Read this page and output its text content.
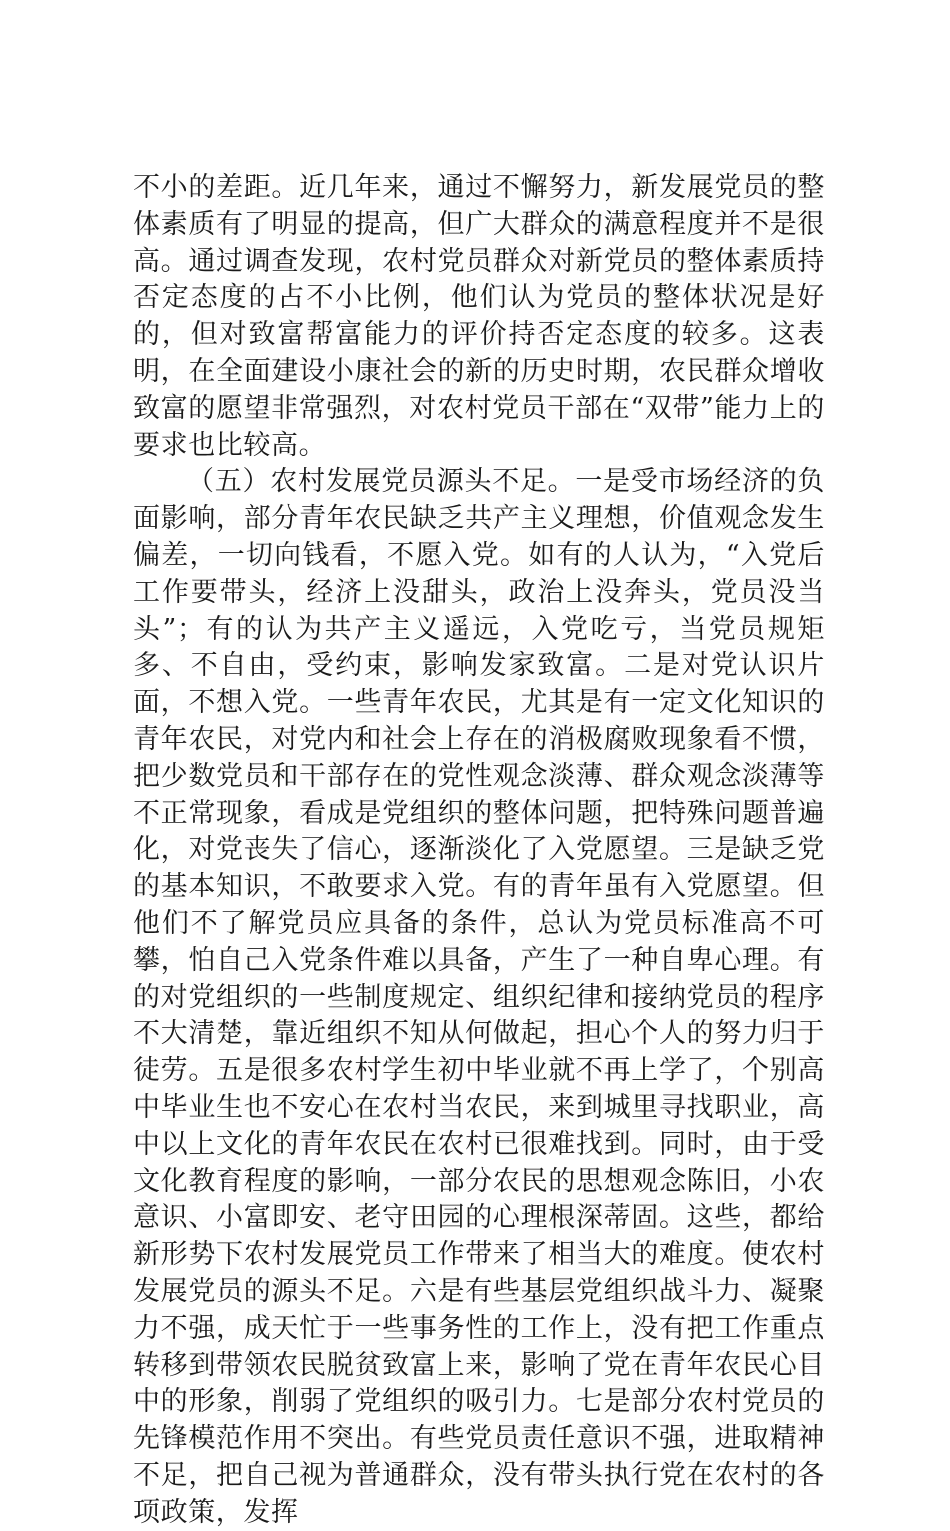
不小的差距。近几年来，通过不懈努力，新发展党员的整体素质有了明显的提高，但广大群众的满意程度并不是很高。通过调查发现，农村党员群众对新党员的整体素质持否定态度的占不小比例，他们认为党员的整体状况是好的，但对致富帮富能力的评价持否定态度的较多。这表明，在全面建设小康社会的新的历史时期，农民群众增收致富的愿望非常强烈，对农村党员干部在“双带”能力上的要求也比较高。

（五）农村发展党员源头不足。一是受市场经济的负面影响，部分青年农民缺乏共产主义理想，价值观念发生偏差，一切向钱看，不愿入党。如有的人认为，“入党后工作要带头，经济上没甜头，政治上没奔头，党员没当头”；有的认为共产主义遥远，入党吃亏，当党员规矩多、不自由，受约束，影响发家致富。二是对党认识片面，不想入党。一些青年农民，尤其是有一定文化知识的青年农民，对党内和社会上存在的消极腐败现象看不惯，把少数党员和干部存在的党性观念淡薄、群众观念淡薄等不正常现象，看成是党组织的整体问题，把特殊问题普遍化，对党丧失了信心，逐渐淡化了入党愿望。三是缺乏党的基本知识，不敢要求入党。有的青年虽有入党愿望。但他们不了解党员应具备的条件，总认为党员标准高不可攀，怕自己入党条件难以具备，产生了一种自卑心理。有的对党组织的一些制度规定、组织纪律和接纳党员的程序不大清楚，靠近组织不知从何做起，担心个人的努力归于徒劳。五是很多农村学生初中毕业就不再上学了，个别高中毕业生也不安心在农村当农民，来到城里寻找职业，高中以上文化的青年农民在农村已很难找到。同时，由于受文化教育程度的影响，一部分农民的思想观念陈旧，小农意识、小富即安、老守田园的心理根深蒂固。这些，都给新形势下农村发展党员工作带来了相当大的难度。使农村发展党员的源头不足。六是有些基层党组织战斗力、凝聚力不强，成天忙于一些事务性的工作上，没有把工作重点转移到带领农民脱贫致富上来，影响了党在青年农民心目中的形象，削弱了党组织的吸引力。七是部分农村党员的先锋模范作用不突出。有些党员责任意识不强，进取精神不足，把自己视为普通群众，没有带头执行党在农村的各项政策，发挥
